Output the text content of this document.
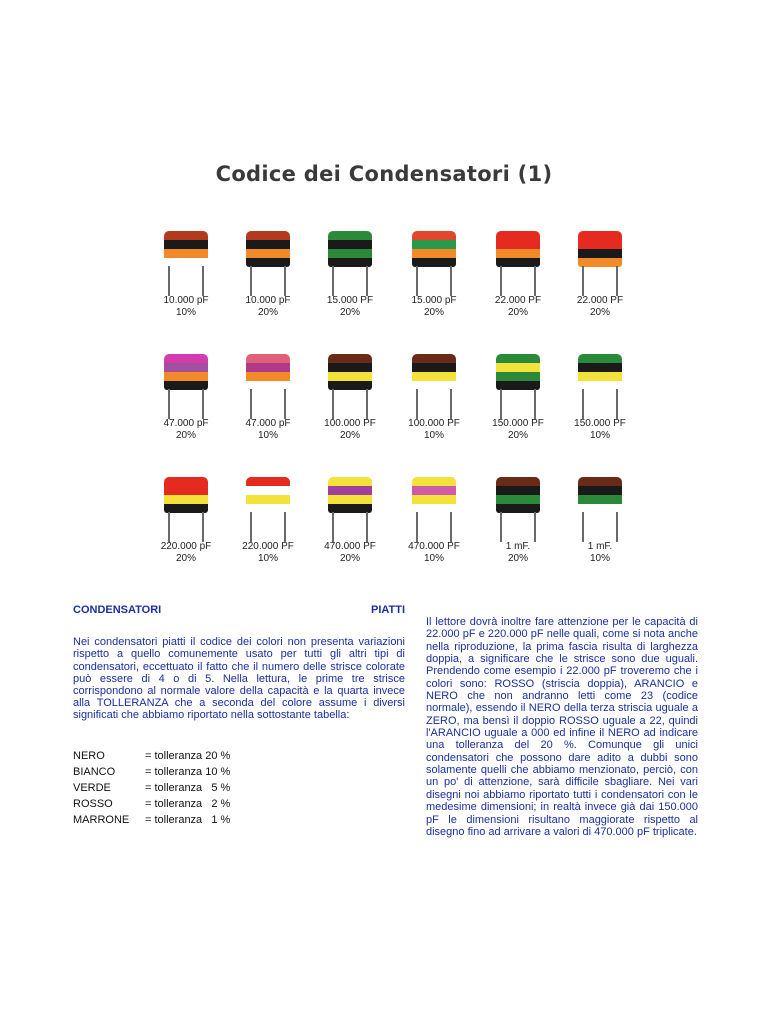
Codice dei Condensatori (1)
10.000 pF
10%
10.000 pF
20%
15.000 PF
20%
15.000 pF
20%
22.000 PF
20%
22.000 PF
20%
47.000 pF
20%
47.000 pF
10%
100.000 PF
20%
100.000 PF
10%
150.000 PF
20%
150.000 PF
10%
220.000 pF
20%
220.000 PF
10%
470.000 PF
20%
470.000 PF
10%
1 mF.
20%
1 mF.
10%
CONDENSATORI	PIATTI

Nei condensatori piatti il codice dei colori non presenta variazioni rispetto a quello comunemente usato per tutti gli altri tipi di condensatori, eccettuato il fatto che il numero delle strisce colorate può essere di 4 o di 5. Nella lettura, le prime tre strisce corrispondono al normale valore della capacità e la quarta invece alla TOLLERANZA che a seconda del colore assume i diversi significati che abbiamo riportato nella sottostante tabella:

NERO	= tolleranza 20 %
BIANCO	= tolleranza 10 %
VERDE	= tolleranza   5 %
ROSSO	= tolleranza   2 %
MARRONE	= tolleranza   1 %
Il lettore dovrà inoltre fare attenzione per le capacità di 22.000 pF e 220.000 pF nelle quali, come si nota anche nella riproduzione, la prima fascia risulta di larghezza doppia, a significare che le strisce sono due uguali. Prendendo come esempio i 22.000 pF troveremo che i colori sono: ROSSO (striscia doppia), ARANCIO e NERO che non andranno letti come 23 (codice normale), essendo il NERO della terza striscia uguale a ZERO, ma bensì il doppio ROSSO uguale a 22, quindi l'ARANCIO uguale a 000 ed infine il NERO ad indicare una tolleranza del 20 %. Comunque gli unici condensatori che possono dare adito a dubbi sono solamente quelli che abbiamo menzionato, perciò, con un po' di attenzione, sarà difficile sbagliare. Nei vari disegni noi abbiamo riportato tutti i condensatori con le medesime dimensioni; in realtà invece già dai 150.000 pF le dimensioni risultano maggiorate rispetto al disegno fino ad arrivare a valori di 470.000 pF triplicate.
